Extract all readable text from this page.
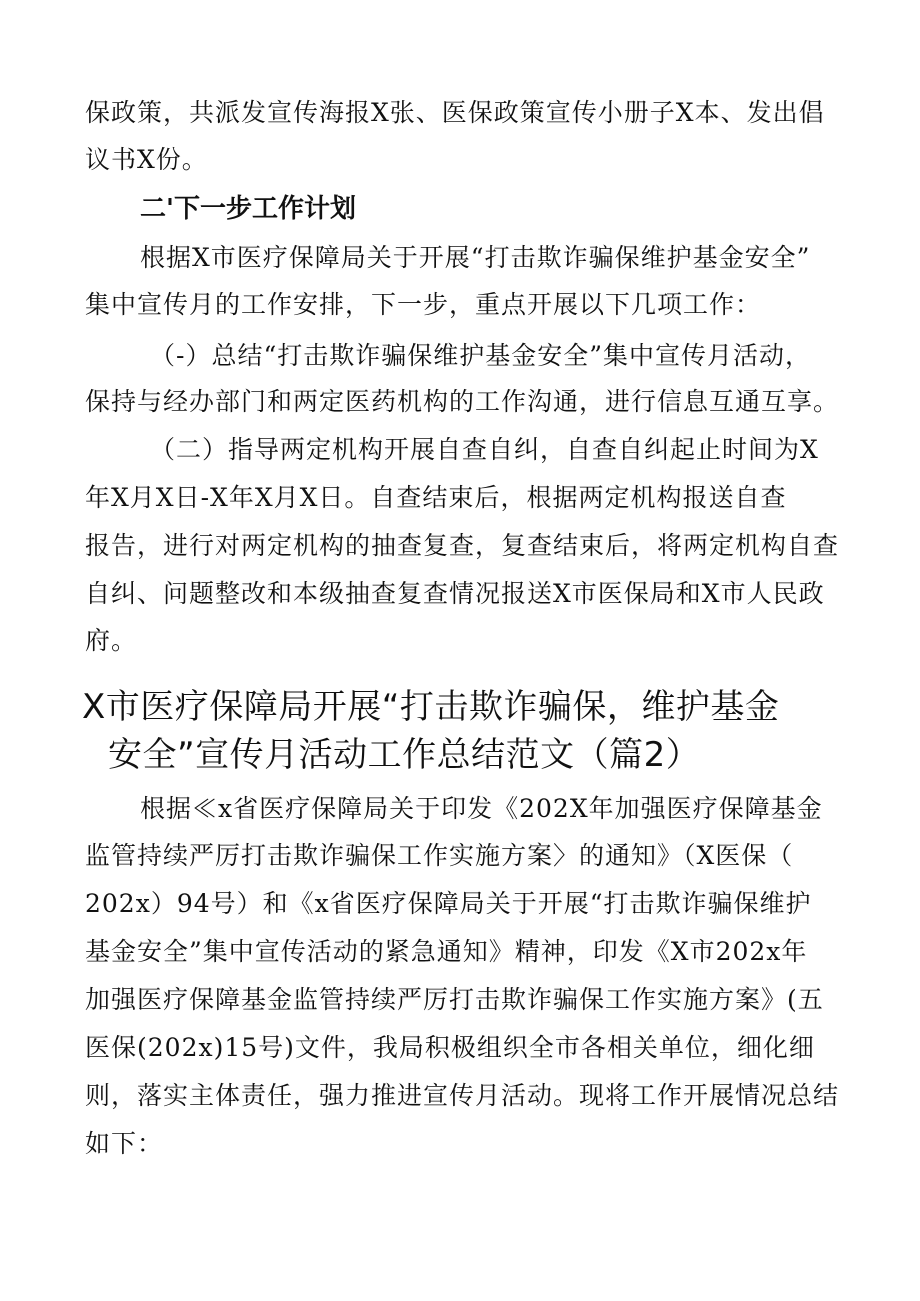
保政策，共派发宣传海报X张、医保政策宣传小册子X本、发出倡
议书X份。
二'下一步工作计划
根据X市医疗保障局关于开展“打击欺诈骗保维护基金安全”
集中宣传月的工作安排，下一步，重点开展以下几项工作：
（-）总结“打击欺诈骗保维护基金安全”集中宣传月活动，
保持与经办部门和两定医药机构的工作沟通，进行信息互通互享。
（二）指导两定机构开展自查自纠，自查自纠起止时间为X
年X月X日-X年X月X日。自查结束后，根据两定机构报送自查
报告，进行对两定机构的抽查复查，复查结束后，将两定机构自查
自纠、问题整改和本级抽查复查情况报送X市医保局和X市人民政
府。
X市医疗保障局开展“打击欺诈骗保，维护基金
安全”宣传月活动工作总结范文（篇2）
根据≪x省医疗保障局关于印发《202X年加强医疗保障基金
监管持续严厉打击欺诈骗保工作实施方案〉的通知》（X医保（
202x）94号）和《x省医疗保障局关于开展“打击欺诈骗保维护
基金安全”集中宣传活动的紧急通知》精神，印发《X市202x年
加强医疗保障基金监管持续严厉打击欺诈骗保工作实施方案》(五
医保(202x)15号)文件，我局积极组织全市各相关单位，细化细
则，落实主体责任，强力推进宣传月活动。现将工作开展情况总结
如下：
